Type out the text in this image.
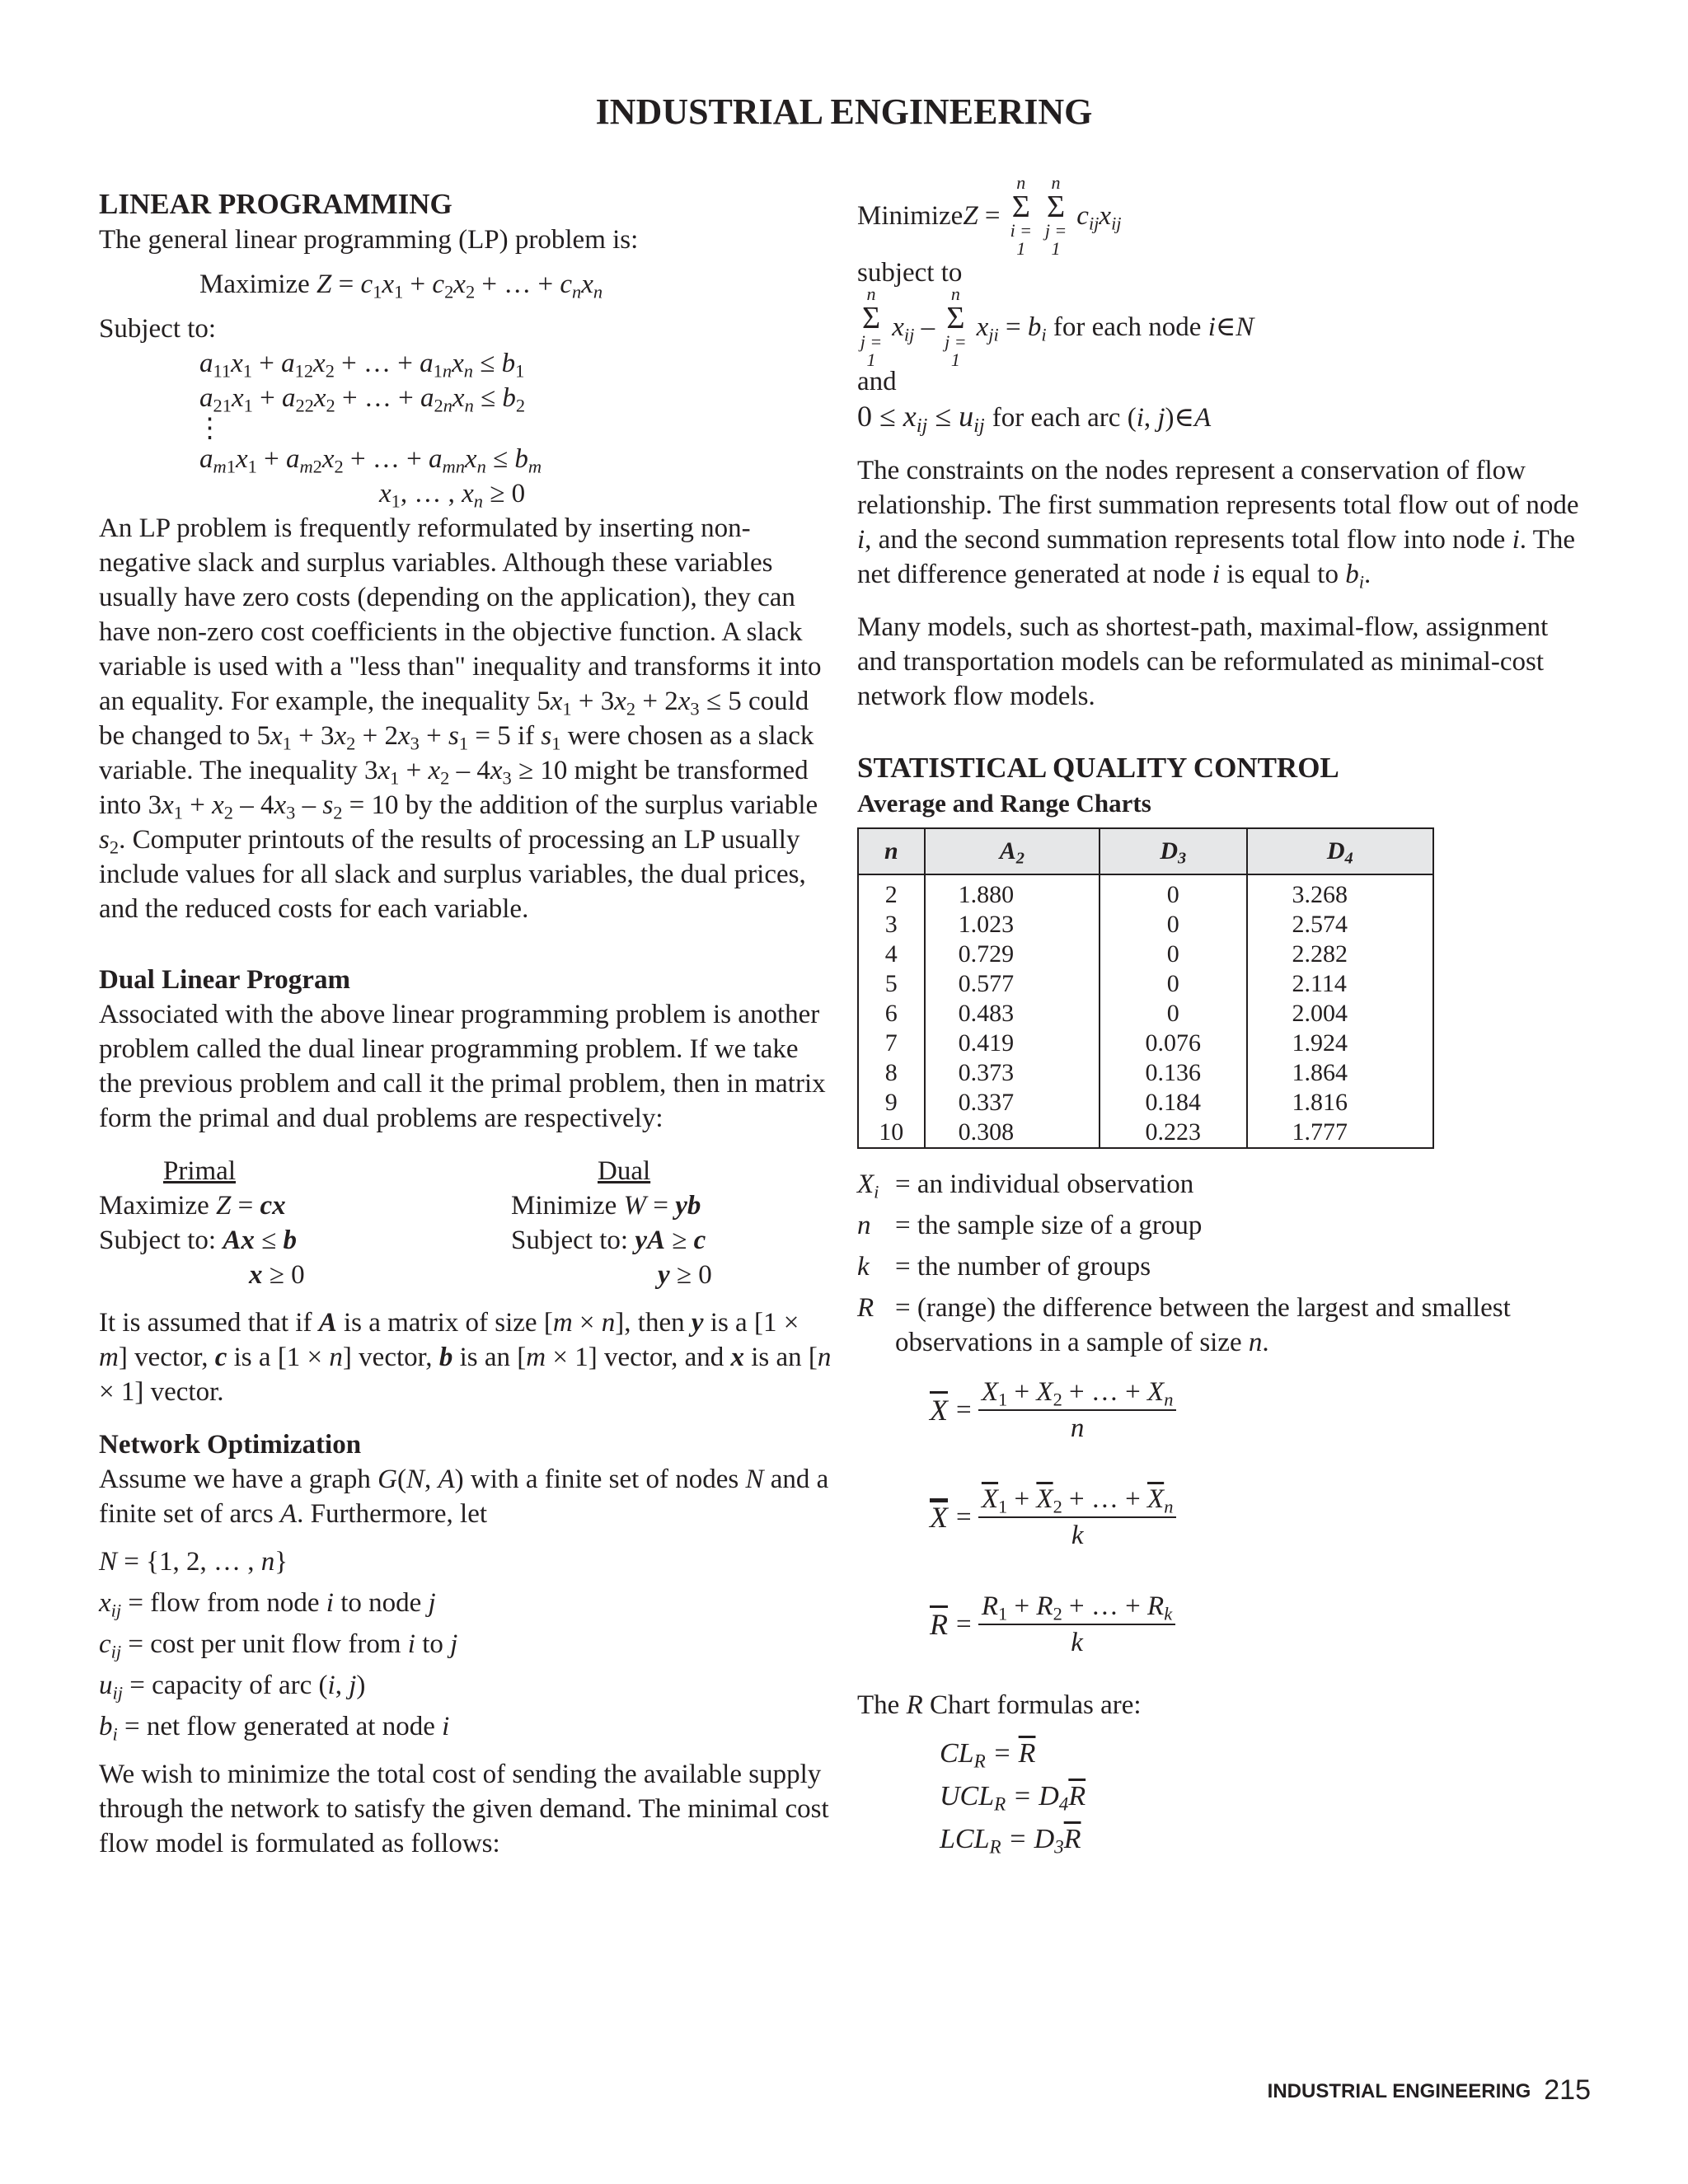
INDUSTRIAL ENGINEERING
LINEAR PROGRAMMING

The general linear programming (LP) problem is:

Maximize $Z = c_1x_1 + c_2x_2$ + … + $c_nx_n$

Subject to:

$a_{11}x_1 + a_{12}x_2$ + … + $a_{1n}x_n \le b_1$

$a_{21}x_1 + a_{22}x_2$ + … + $a_{2n}x_n \le b_2$

⋮

$a_{m1}x_1 + a_{m2}x_2$ + … + $a_{mn}x_n \le b_m$

$x_1$, … , $x_n \ge 0$

An LP problem is frequently reformulated by inserting non-negative slack and surplus variables. Although these variables usually have zero costs (depending on the application), they can have non-zero cost coefficients in the objective function. A slack variable is used with a "less than" inequality and transforms it into an equality. For example, the inequality $5x_1 + 3x_2 + 2x_3 \le 5$ could be changed to $5x_1 + 3x_2 + 2x_3 + s_1 = 5$ if $s_1$ were chosen as a slack variable. The inequality $3x_1 + x_2 - 4x_3 \ge 10$ might be transformed into $3x_1 + x_2 - 4x_3 - s_2 = 10$ by the addition of the surplus variable $s_2$. Computer printouts of the results of processing an LP usually include values for all slack and surplus variables, the dual prices, and the reduced costs for each variable.

Dual Linear Program

Associated with the above linear programming problem is another problem called the dual linear programming problem. If we take the previous problem and call it the primal problem, then in matrix form the primal and dual problems are respectively:

Primal
Maximize Z = cx
Subject to: Ax ≤ b
x ≥ 0
Dual
Minimize W = yb
Subject to: yA ≥ c
y ≥ 0

It is assumed that if A is a matrix of size [m × n], then y is a [1 × m] vector, c is a [1 × n] vector, b is an [m × 1] vector, and x is an [n × 1] vector.

Network Optimization

Assume we have a graph G(N, A) with a finite set of nodes N and a finite set of arcs A. Furthermore, let

N = {1, 2, … , n}
$x_{ij}$ = flow from node i to node j
$c_{ij} = \cos t$ per unit flow from i to j
$u_{ij}$ = capacity of arc (i, j)
$b_i$ = net flow generated at node i

We wish to minimize the total cost of sending the available supply through the network to satisfy the given demand. The minimal cost flow model is formulated as follows:

Minimize Z =
n
Σ
i = 1

n
Σ
j = 1

$c_{ij}x_{ij}$

subject to

n
Σ
j = 1

$x_{ij}$ –
n
Σ
j = 1

$x_{ji} = b_i$
for each node
i ∈ N

and

$0 \le x_{ij} \le u_{ij}$ for each arc (i, j)∈A

The constraints on the nodes represent a conservation of flow relationship. The first summation represents total flow out of node i, and the second summation represents total flow into node i. The net difference generated at node i is equal to $b_i$.

Many models, such as shortest-path, maximal-flow, assignment and transportation models can be reformulated as minimal-cost network flow models.

STATISTICAL QUALITY CONTROL
Average and Range Charts
n	$A_2$	$D_3$	$D_4$
2	1.880	0	3.268
3	1.023	0	2.574
4	0.729	0	2.282
5	0.577	0	2.114
6	0.483	0	2.004
7	0.419	0.076	1.924
8	0.373	0.136	1.864
9	0.337	0.184	1.816
10	0.308	0.223	1.777
$X_i$ = an individual observation
n = the sample size of a group
k = the number of groups
R = (range) the difference between the largest and smallest observations in a sample of size n.
$\overline{X} = \frac{X_1 + X_2 + \dots + X_n}{n}$
$\overline{X} = \frac{\overline{X}_1 + \overline{X}_2 + \dots + \overline{X}_n}{k}$
$\overline{R} = \frac{R_1 + R_2 + \dots + R_k}{k}$

The R Chart formulas are:

$CL_R = \overline{R}$
$UCL_R = D_4\overline{R}$
$LCL_R = D_3\overline{R}$
INDUSTRIAL ENGINEERING 215
